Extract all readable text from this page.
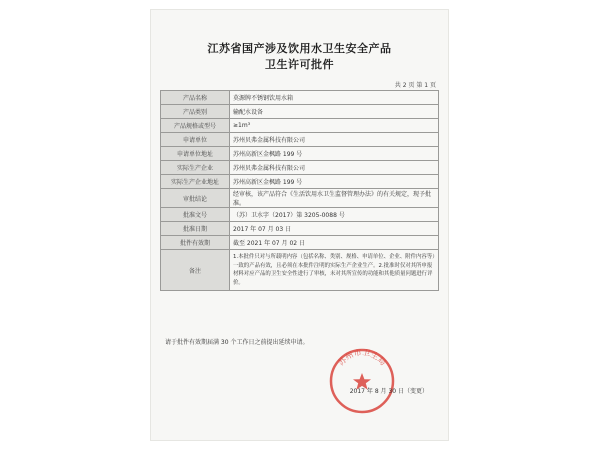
江苏省国产涉及饮用水卫生安全产品
卫生许可批件
共 2 页 第 1 页
产品名称	莫源牌不锈钢饮用水箱
产品类别	输配水设备
产品规格或型号	≥1m³
申请单位	苏州贝弗金属科技有限公司
申请单位地址	苏州高新区金枫路 199 号
实际生产企业	苏州贝弗金属科技有限公司
实际生产企业地址	苏州高新区金枫路 199 号
审批结论	经审核，该产品符合《生活饮用水卫生监督管理办法》的有关规定，现予批准。
批准文号	（苏）卫水字（2017）第 3205-0088 号
批准日期	2017 年 07 月 03 日
批件有效期	截至 2021 年 07 月 02 日
备注	1.本批件只对与所载明内容（包括名称、类别、规格、申请单位、企业、附件内容等）一致的产品有效，且必须在本批件注明的实际生产企业生产。2.批准时仅对其所申报材料对应产品的卫生安全性进行了审核，未对其所宣传的功能和其他质量问题进行评价。
请于批件有效期届满 30 个工作日之前提出延续申请。
苏州市卫生局
2017 年 8 月 30 日（变更）
